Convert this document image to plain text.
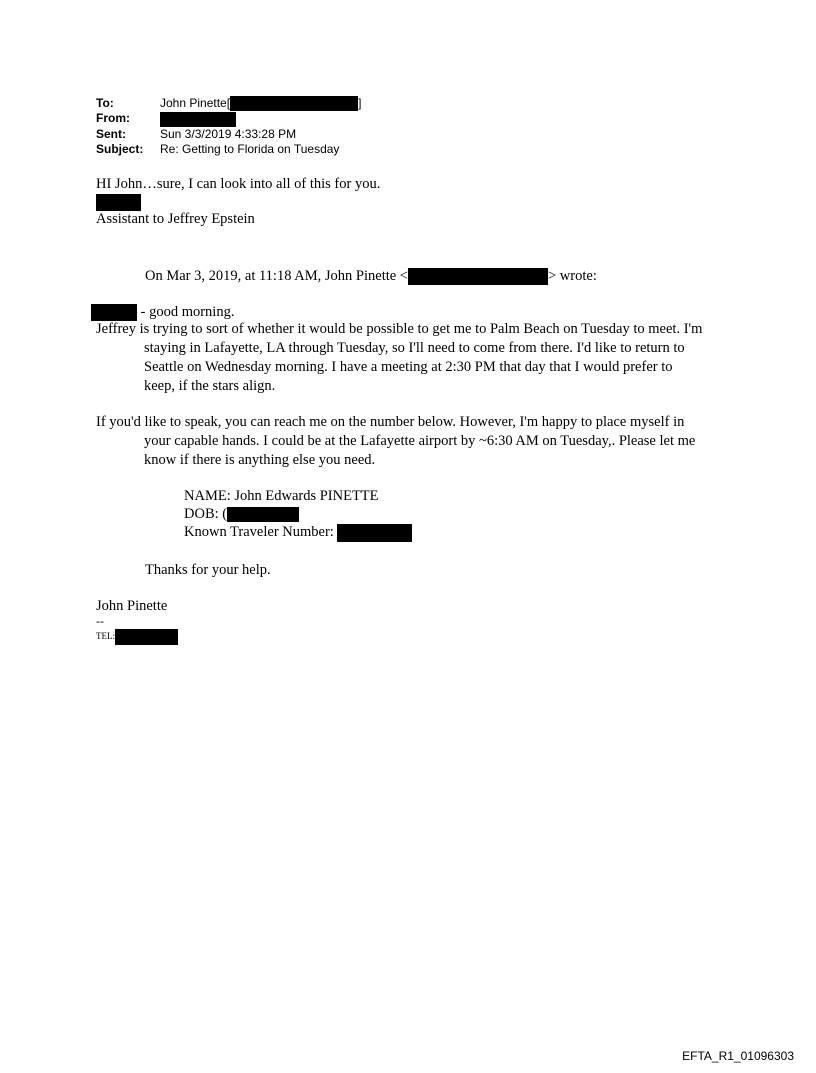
To:	John Pinette[	]
From:
Sent:	Sun 3/3/2019 4:33:28 PM
Subject:	Re: Getting to Florida on Tuesday
HI John…sure, I can look into all of this for you.
Assistant to Jeffrey Epstein
On Mar 3, 2019, at 11:18 AM, John Pinette <	> wrote:
- good morning.
Jeffrey is trying to sort of whether it would be possible to get me to Palm Beach on Tuesday to meet. I'm staying in Lafayette, LA through Tuesday, so I'll need to come from there. I'd like to return to Seattle on Wednesday morning. I have a meeting at 2:30 PM that day that I would prefer to keep, if the stars align.
If you'd like to speak, you can reach me on the number below. However, I'm happy to place myself in your capable hands. I could be at the Lafayette airport by ~6:30 AM on Tuesday,. Please let me know if there is anything else you need.
NAME: John Edwards PINETTE
DOB: (
Known Traveler Number:
Thanks for your help.
John Pinette
--
TEL:
EFTA_R1_01096303
